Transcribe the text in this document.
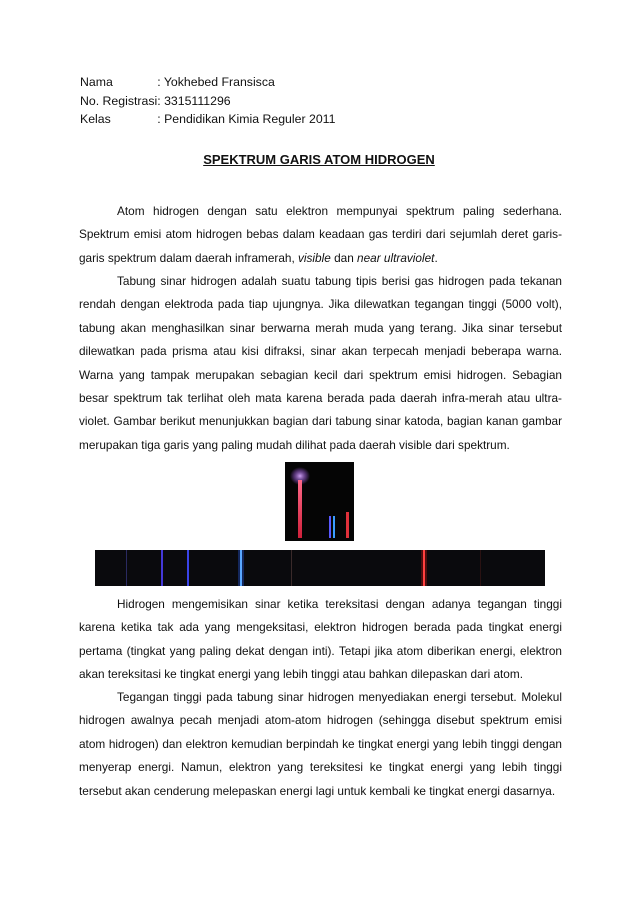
Nama	: Yokhebed Fransisca
No. Registrasi	: 3315111296
Kelas	: Pendidikan Kimia Reguler 2011
SPEKTRUM GARIS ATOM HIDROGEN

Atom hidrogen dengan satu elektron mempunyai spektrum paling sederhana. Spektrum emisi atom hidrogen bebas dalam keadaan gas terdiri dari sejumlah deret garis-garis spektrum dalam daerah inframerah, visible dan near ultraviolet.

Tabung sinar hidrogen adalah suatu tabung tipis berisi gas hidrogen pada tekanan rendah dengan elektroda pada tiap ujungnya. Jika dilewatkan tegangan tinggi (5000 volt), tabung akan menghasilkan sinar berwarna merah muda yang terang. Jika sinar tersebut dilewatkan pada prisma atau kisi difraksi, sinar akan terpecah menjadi beberapa warna. Warna yang tampak merupakan sebagian kecil dari spektrum emisi hidrogen. Sebagian besar spektrum tak terlihat oleh mata karena berada pada daerah infra-merah atau ultra-violet. Gambar berikut menunjukkan bagian dari tabung sinar katoda, bagian kanan gambar merupakan tiga garis yang paling mudah dilihat pada daerah visible dari spektrum.

Hidrogen mengemisikan sinar ketika tereksitasi dengan adanya tegangan tinggi karena ketika tak ada yang mengeksitasi, elektron hidrogen berada pada tingkat energi pertama (tingkat yang paling dekat dengan inti). Tetapi jika atom diberikan energi, elektron akan tereksitasi ke tingkat energi yang lebih tinggi atau bahkan dilepaskan dari atom.

Tegangan tinggi pada tabung sinar hidrogen menyediakan energi tersebut. Molekul hidrogen awalnya pecah menjadi atom-atom hidrogen (sehingga disebut spektrum emisi atom hidrogen) dan elektron kemudian berpindah ke tingkat energi yang lebih tinggi dengan menyerap energi. Namun, elektron yang tereksitesi ke tingkat energi yang lebih tinggi tersebut akan cenderung melepaskan energi lagi untuk kembali ke tingkat energi dasarnya.
